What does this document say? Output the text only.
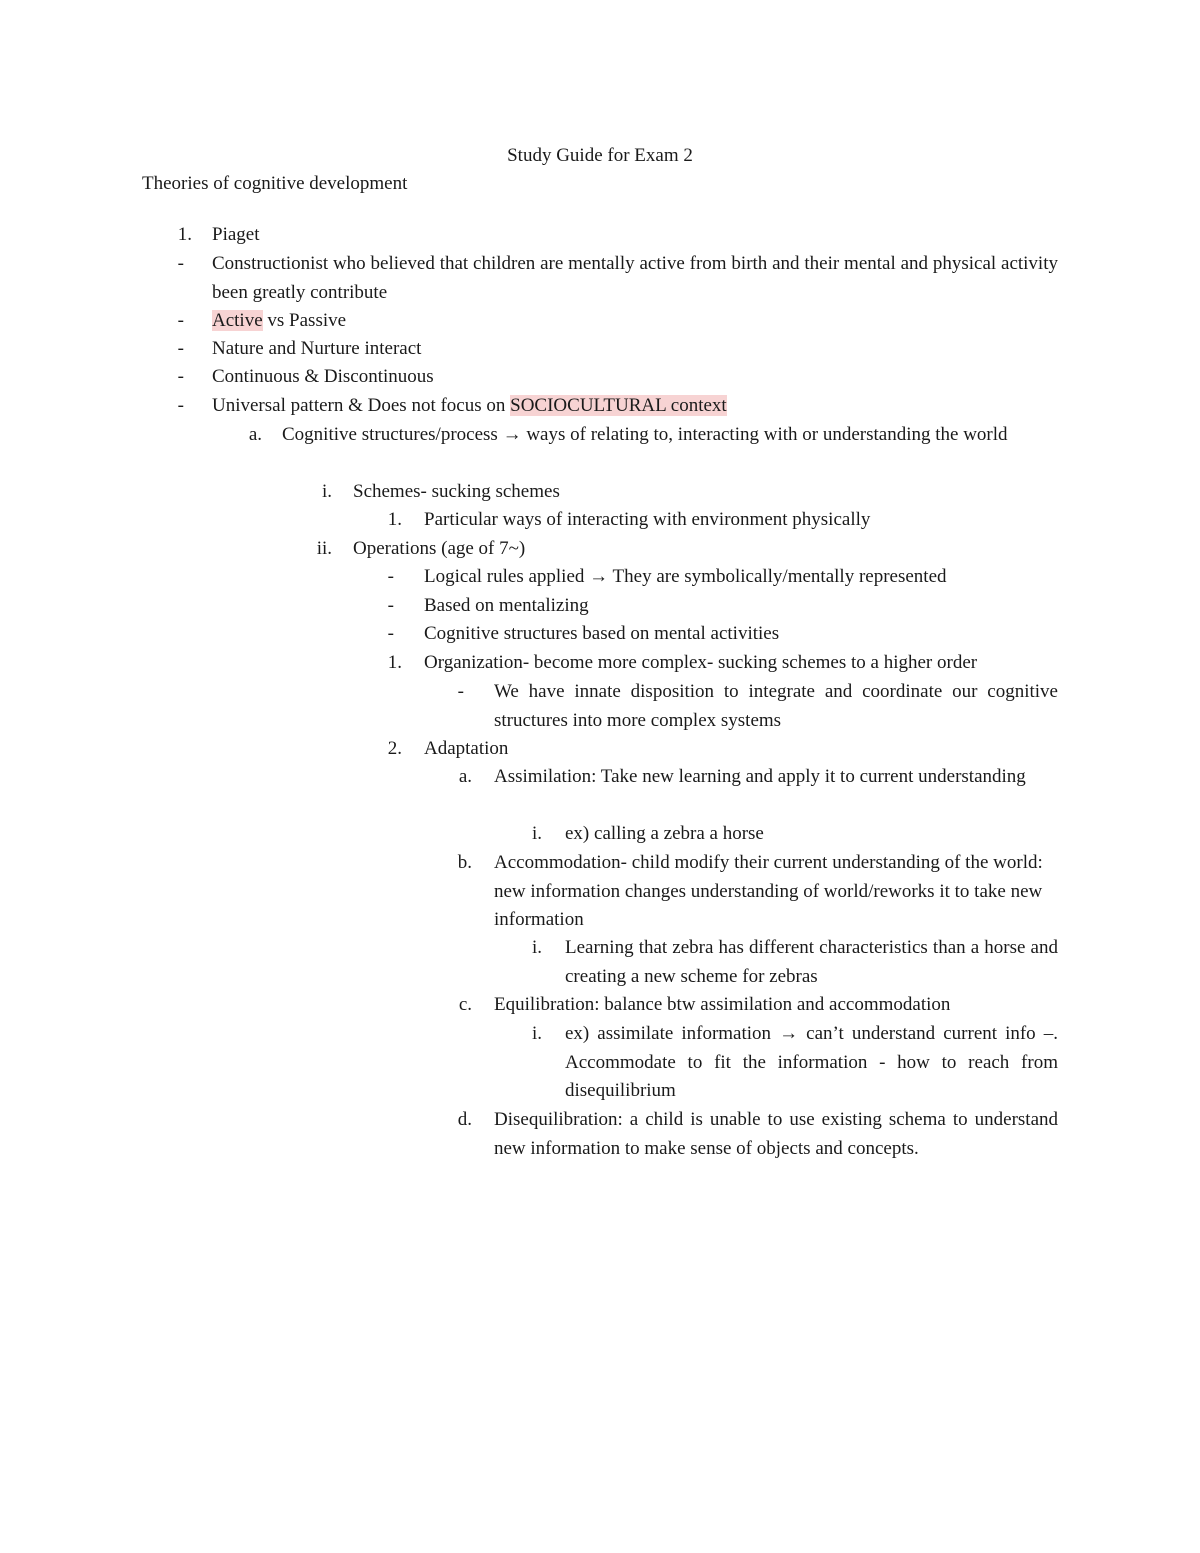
Study Guide for Exam 2
Theories of cognitive development
1. Piaget
- Constructionist who believed that children are mentally active from birth and their mental and physical activity been greatly contribute
- Active vs Passive
- Nature and Nurture interact
- Continuous & Discontinuous
- Universal pattern & Does not focus on SOCIOCULTURAL context
a. Cognitive structures/process → ways of relating to, interacting with or understanding the world
i. Schemes- sucking schemes
1. Particular ways of interacting with environment physically
ii. Operations (age of 7~)
- Logical rules applied → They are symbolically/mentally represented
- Based on mentalizing
- Cognitive structures based on mental activities
1. Organization- become more complex- sucking schemes to a higher order
- We have innate disposition to integrate and coordinate our cognitive structures into more complex systems
2. Adaptation
a. Assimilation: Take new learning and apply it to current understanding
i. ex) calling a zebra a horse
b. Accommodation- child modify their current understanding of the world: new information changes understanding of world/reworks it to take new information
i. Learning that zebra has different characteristics than a horse and creating a new scheme for zebras
c. Equilibration: balance btw assimilation and accommodation
i. ex) assimilate information → can’t understand current info –. Accommodate to fit the information - how to reach from disequilibrium
d. Disequilibration: a child is unable to use existing schema to understand new information to make sense of objects and concepts.
